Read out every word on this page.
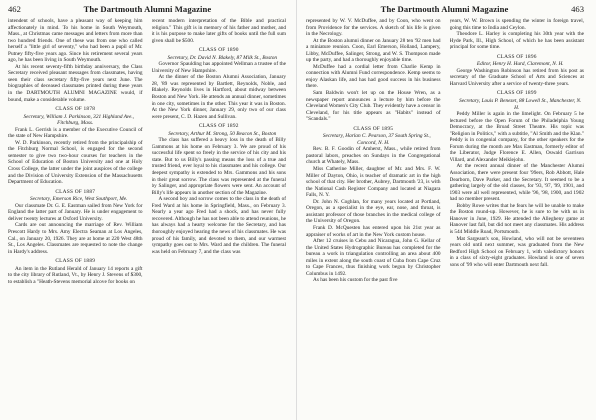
462	The Dartmouth Alumni Magazine

intendent of schools, have a pleasant way of keeping him affectionately in mind. To his home in South Weymouth, Mass., at Christmas came messages and letters from more than two hundred friends. One of these was from one who called herself a "little girl of seventy," who had been a pupil of Mr. Putney fifty-five years ago. Since his retirement several years ago, he has been living in South Weymouth.

At his recent seventy-fifth birthday anniversary, the Class Secretary received pleasant messages from classmates, having seen their class secretary fifty-five years next June. The biographies of deceased classmates printed during these years in the DARTMOUTH ALUMNI MAGAZINE would, if bound, make a considerable volume.

CLASS OF 1878

Secretary, William J. Parkinson, 321 Highland Ave., Fitchburg, Mass.

Frank L. Gerrish is a member of the Executive Council of the state of New Hampshire.

W. D. Parkinson, recently retired from the principalship of the Fitchburg Normal School, is engaged for the second semester to give two two-hour courses for teachers in the School of Education of Boston University and one at Holy Cross College, the latter under the joint auspices of the college and the Division of University Extension of the Massachusetts Department of Education.

CLASS OF 1887

Secretary, Emerson Rice, West Southport, Me.

Our classmate Dr. G. E. Eastman sailed from New York for England the latter part of January. He is under engagement to deliver twenty lectures at Oxford University.

Cards are out announcing the marriage of Rev. William Prescott Hardy to Mrs. Amy Electra Seaman at Los Angeles, Cal., on January 20, 1926. They are at home at 220 West 48th St., Los Angeles. Classmates are requested to note the change in Hardy's address.

CLASS OF 1889

An item in the Rutland Herald of January 14 reports a gift to the city library of Rutland, Vt., by Henry J. Stevens of $300, to establish a "Heath-Stevens memorial alcove for books on

recent modern interpretation of the Bible and practical religion." This gift is in memory of his father and mother, and it is his purpose to make later gifts of books until the full sum given shall be $500.

CLASS OF 1890

Secretary, Dr. David N. Blakely, 87 Milk St., Boston

Governor Spaulding has appointed Wellman a trustee of the University of New Hampshire.

At the dinner of the Boston Alumni Association, January 28, '89 was represented by Bartlett, Reynolds, Noble, and Blakely. Reynolds lives in Hartford, about midway between Boston and New York. He attends an annual dinner, sometimes in one city, sometimes in the other. This year it was in Boston. At the New York dinner, January 29, only two of our class were present, C. D. Hazen and Sullivan.

CLASS OF 1892

Secretary, Arthur M. Strong, 50 Beacon St., Boston

The class has suffered a heavy loss in the death of Billy Gammons at his home on February 3. We are proud of his successful life spent so freely in the service of his city and his state. But to us Billy's passing means the loss of a true and trusted friend, ever loyal to his classmates and his college. Our deepest sympathy is extended to Mrs. Gammons and his sons in their great sorrow. The class was represented at the funeral by Salinger, and appropriate flowers were sent. An account of Billy's life appears in another section of the Magazine.

A second boy and sorrow comes to the class in the death of Fred Ward at his home in Springfield, Mass., on February 3. Nearly a year ago Fred had a shock, and has never fully recovered. Although he has not been able to attend reunions, he has always had a hearty welcome for the Secretary, and has thoroughly enjoyed hearing the news of his classmates. He was proud of his family, and devoted to them, and our warmest sympathy goes out to Mrs. Ward and the children. The funeral was held on February 7, and the class was

The Dartmouth Alumni Magazine	463

represented by W. V. McDuffee, and by Coon, who went on from Providence for the services. A sketch of his life is given in the Necrology.

At the Boston alumni dinner on January 28 ten '92 men had a miniature reunion. Coon, Earl Emerson, Holland, Lampery, Libby, McDuffee, Salinger, Strong, and W. S. Thompson made up the party, and had a thoroughly enjoyable time.

McDuffee had a cordial letter from Charlie Kemp in connection with Alumni Fund correspondence. Kemp seems to enjoy Alaskan life, and has had good success in his business there.

Sam Baldwin won't let up on the House Wren, as a newspaper report announces a lecture by him before the Cleveland Women's City Club. They evidently have a censor in Cleveland, for his title appears as "Habits" instead of "Scandals."

CLASS OF 1895

Secretary, Harlan C. Pearson, 37 South Spring St., Concord, N. H.

Rev. B. F. Goodin of Amherst, Mass., while retired from pastoral labors, preaches on Sundays in the Congregational church at Whately, Mass.

Miss Catherine Miller, daughter of Mr. and Mrs. F. W. Miller of Dayton, Ohio, is teacher of dramatic art in the high school of that city. Her brother, Aubrey, Dartmouth '23, is with the National Cash Register Company and located at Niagara Falls, N. Y.

Dr. John N. Coghlan, for many years located at Portland, Oregon, as a specialist in the eye, ear, nose, and throat, is assistant professor of those branches in the medical college of the University of Oregon.

Frank D. McQuesten has entered upon his 21st year as appraiser of works of art in the New York custom house.

After 12 cruises in Cebu and Nicaragua, John G. Kellar of the United States Hydrographic Bureau has completed for the bureau a work in triangulation controlling an area about 400 miles in extent along the south coast of Cuba from Cape Cruz to Cape Frances, thus finishing work begun by Christopher Columbus in 1492.

As has been his custom for the past five

years, W. W. Brown is spending the winter in foreign travel, going this time to India and Ceylon.

Theodore L. Harley is completing his 30th year with the Hyde Park, Ill., High School, of which he has been assistant principal for some time.

CLASS OF 1896

Editor, Henry H. Hurd, Claremont, N. H.

George Washington Robinson has retired from his post as secretary of the Graduate School of Arts and Sciences at Harvard University after a service of twenty-three years.

CLASS OF 1899

Secretary, Louis P. Benezet, 88 Lowell St., Manchester, N. H.

Peddy Miller is again in the limelight. On February 5 he lectured before the Open Forum of the Philadelphia Young Democracy, at the Broad Street Theatre. His topic was "Religion in Politics," with a subtitle, "Al Smith and the Klan." Peddy is in congenial company, for the other speakers for the Forum during the month are Max Eastman, formerly editor of the Liberator, Judge Florence E. Allen, Oswald Garrison Villard, and Alexander Meiklejohn.

At the recent annual dinner of the Manchester Alumni Association, there were present four '99ers, Rob Abbott, Hale Dearborn, Dave Parker, and the Secretary. It seemed to be a gathering largely of the old classes, for '93, '97, '99, 1901, and 1903 were all well represented, while '96, '98, 1900, and 1902 had no member present.

Bobby Rowe writes that he fears he will be unable to make the Boston round-up. However, he is sure to be with us in Hanover in June, 1929. He attended the Allegheny game at Hanover last fall, but did not meet any classmates. His address is 544 Middle Road, Portsmouth.

Mat Sargeant's son, Howland, who will not be seventeen years old until next summer, was graduated from the New Bedford High School on February 1, with valedictory honors in a class of sixty-eight graduates. Howland is one of seven sons of '99 who will enter Dartmouth next fall.
